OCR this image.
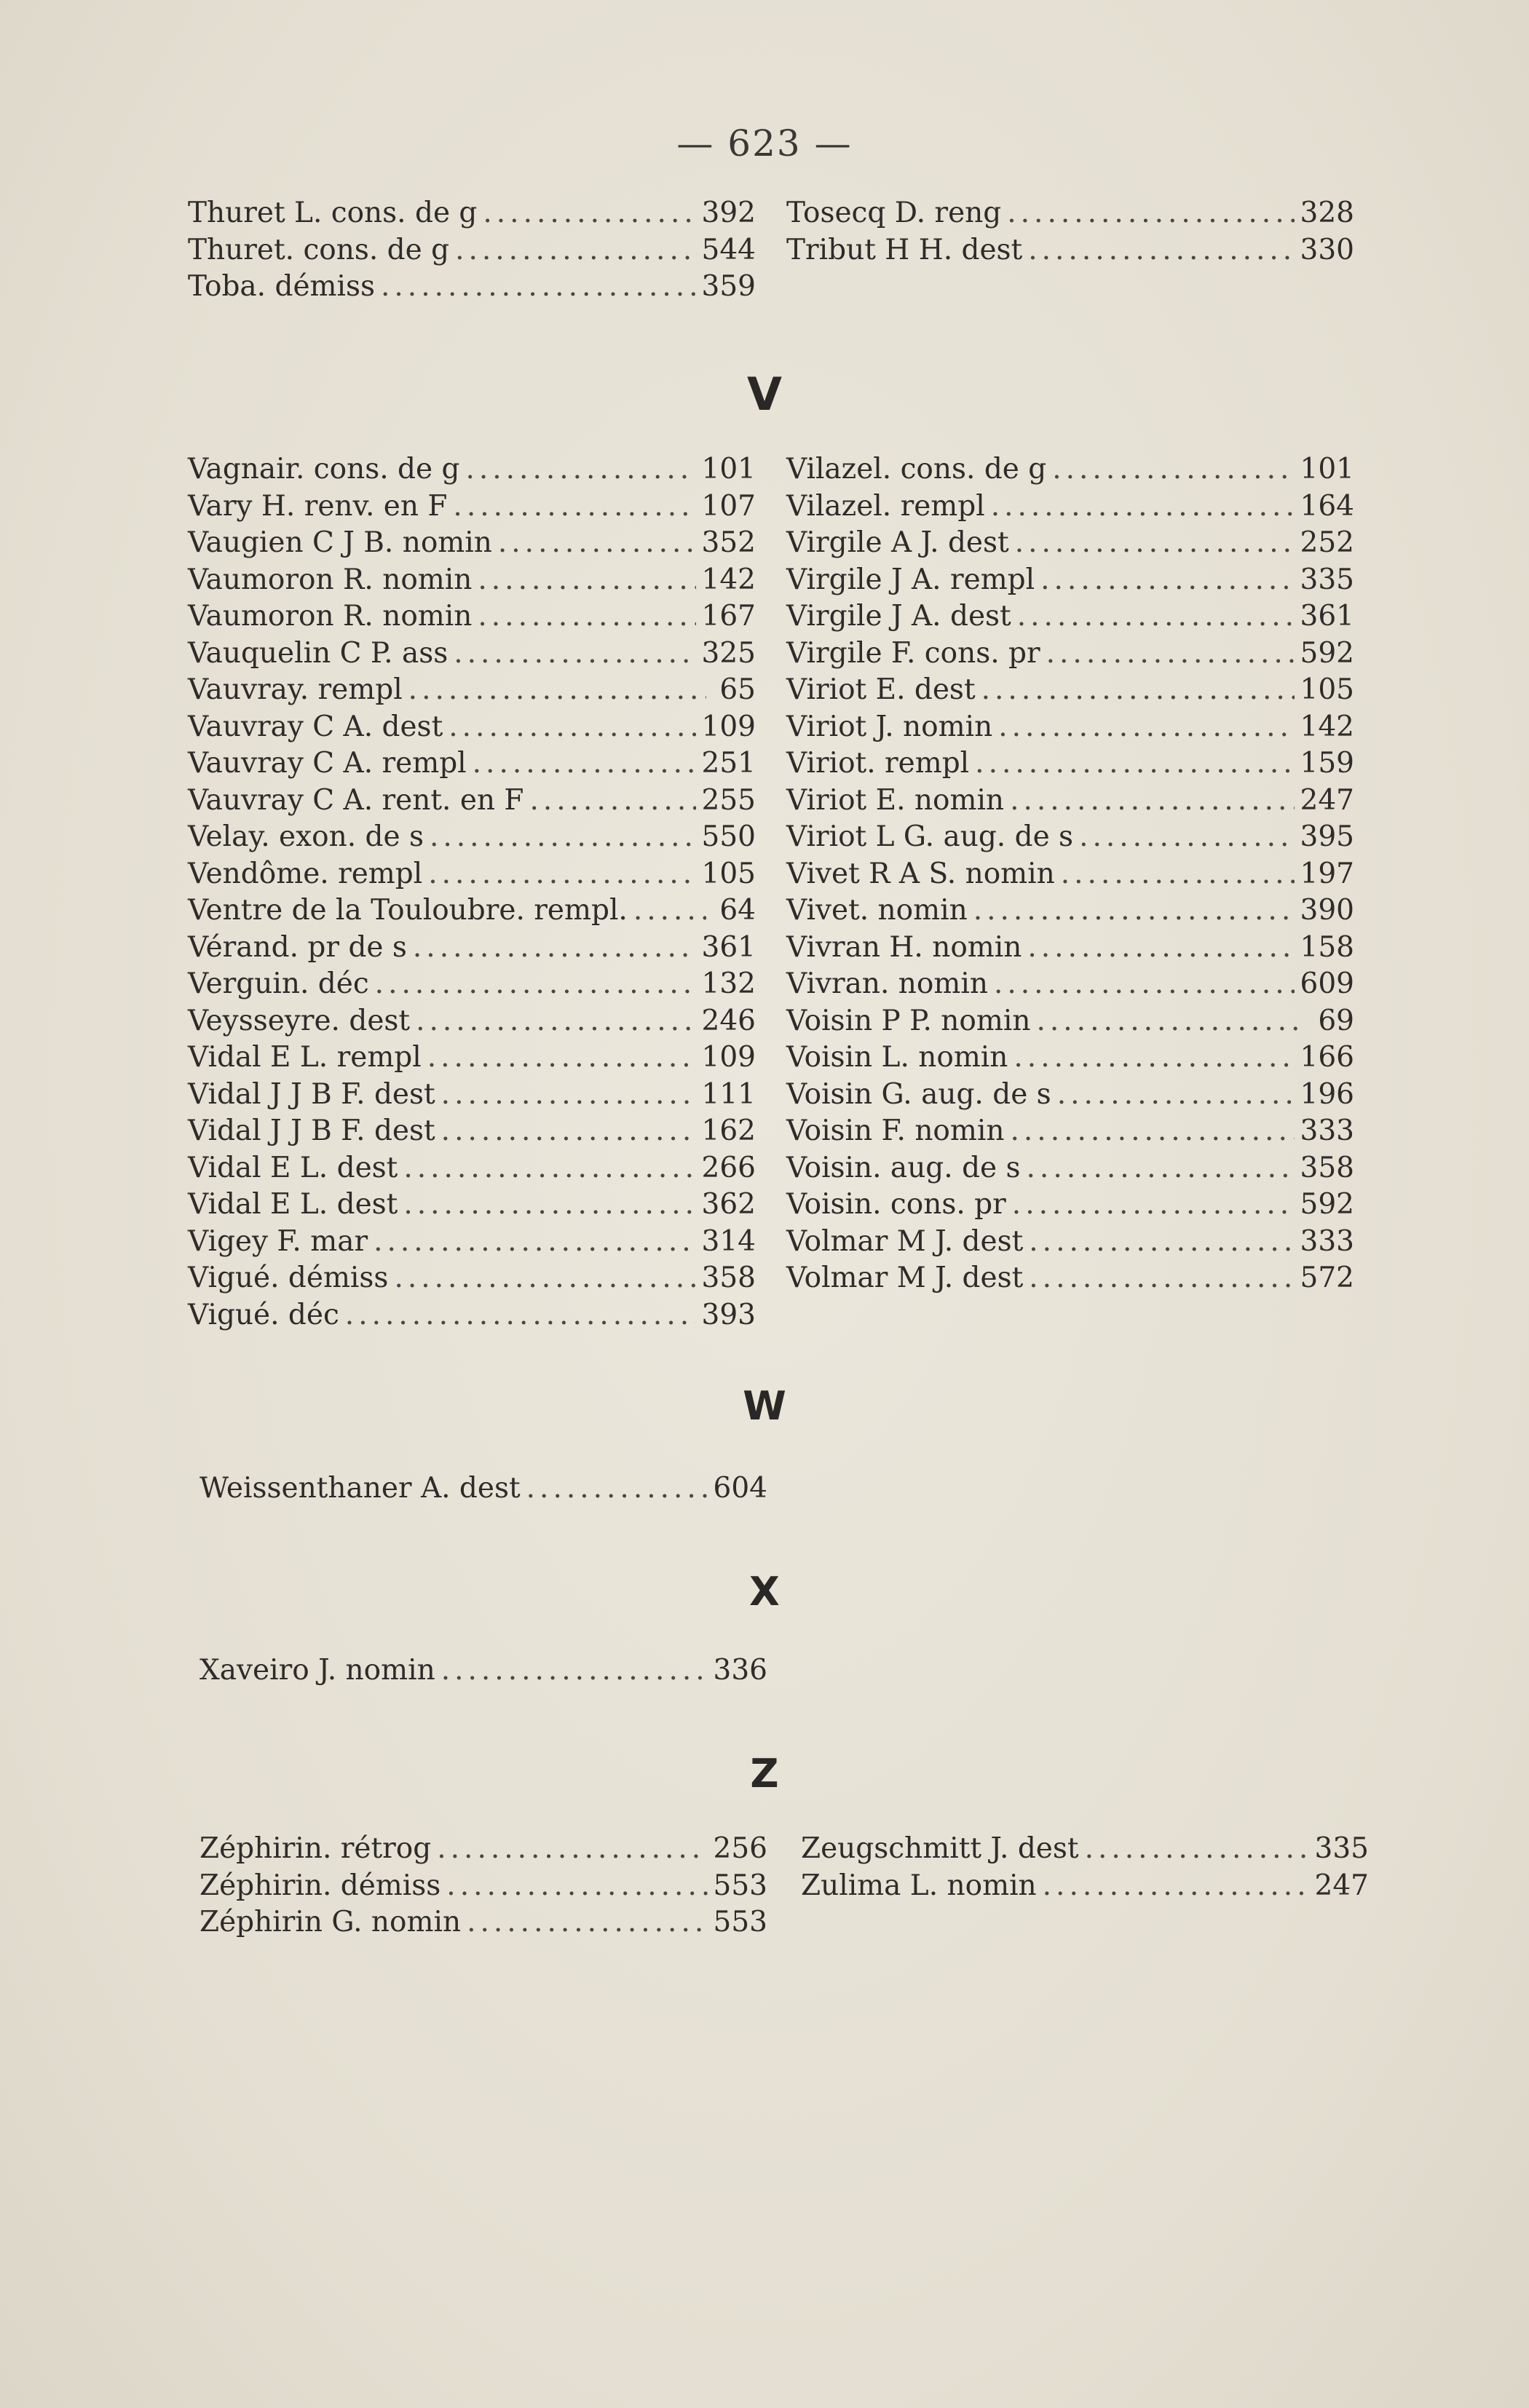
— 623 —
Thuret L. cons. de g .....	392
Thuret. cons. de g .....	544
Toba. démiss .....	359
Tosecq D. reng .....	328
Tribut H H. dest .....	330
V
Vagnair. cons. de g .....	101
Vary H. renv. en F .....	107
Vaugien C J B. nomin .....	352
Vaumoron R. nomin .....	142
Vaumoron R. nomin .....	167
Vauquelin C P. ass .....	325
Vauvray. rempl .....	65
Vauvray C A. dest .....	109
Vauvray C A. rempl .....	251
Vauvray C A. rent. en F .....	255
Velay. exon. de s .....	550
Vendôme. rempl .....	105
Ventre de la Touloubre. rempl. .....	64
Vérand. pr de s .....	361
Verguin. déc .....	132
Veysseyre. dest .....	246
Vidal E L. rempl .....	109
Vidal J J B F. dest .....	111
Vidal J J B F. dest .....	162
Vidal E L. dest .....	266
Vidal E L. dest .....	362
Vigey F. mar .....	314
Vigué. démiss .....	358
Vigué. déc .....	393
Vilazel. cons. de g .....	101
Vilazel. rempl .....	164
Virgile A J. dest .....	252
Virgile J A. rempl .....	335
Virgile J A. dest .....	361
Virgile F. cons. pr .....	592
Viriot E. dest .....	105
Viriot J. nomin .....	142
Viriot. rempl .....	159
Viriot E. nomin .....	247
Viriot L G. aug. de s .....	395
Vivet R A S. nomin .....	197
Vivet. nomin .....	390
Vivran H. nomin .....	158
Vivran. nomin .....	609
Voisin P P. nomin .....	69
Voisin L. nomin .....	166
Voisin G. aug. de s .....	196
Voisin F. nomin .....	333
Voisin. aug. de s .....	358
Voisin. cons. pr .....	592
Volmar M J. dest .....	333
Volmar M J. dest .....	572
W
Weissenthaner A. dest .....	604
X
Xaveiro J. nomin .....	336
Z
Zéphirin. rétrog .....	256
Zéphirin. démiss .....	553
Zéphirin G. nomin .....	553
Zeugschmitt J. dest .....	335
Zulima L. nomin .....	247
